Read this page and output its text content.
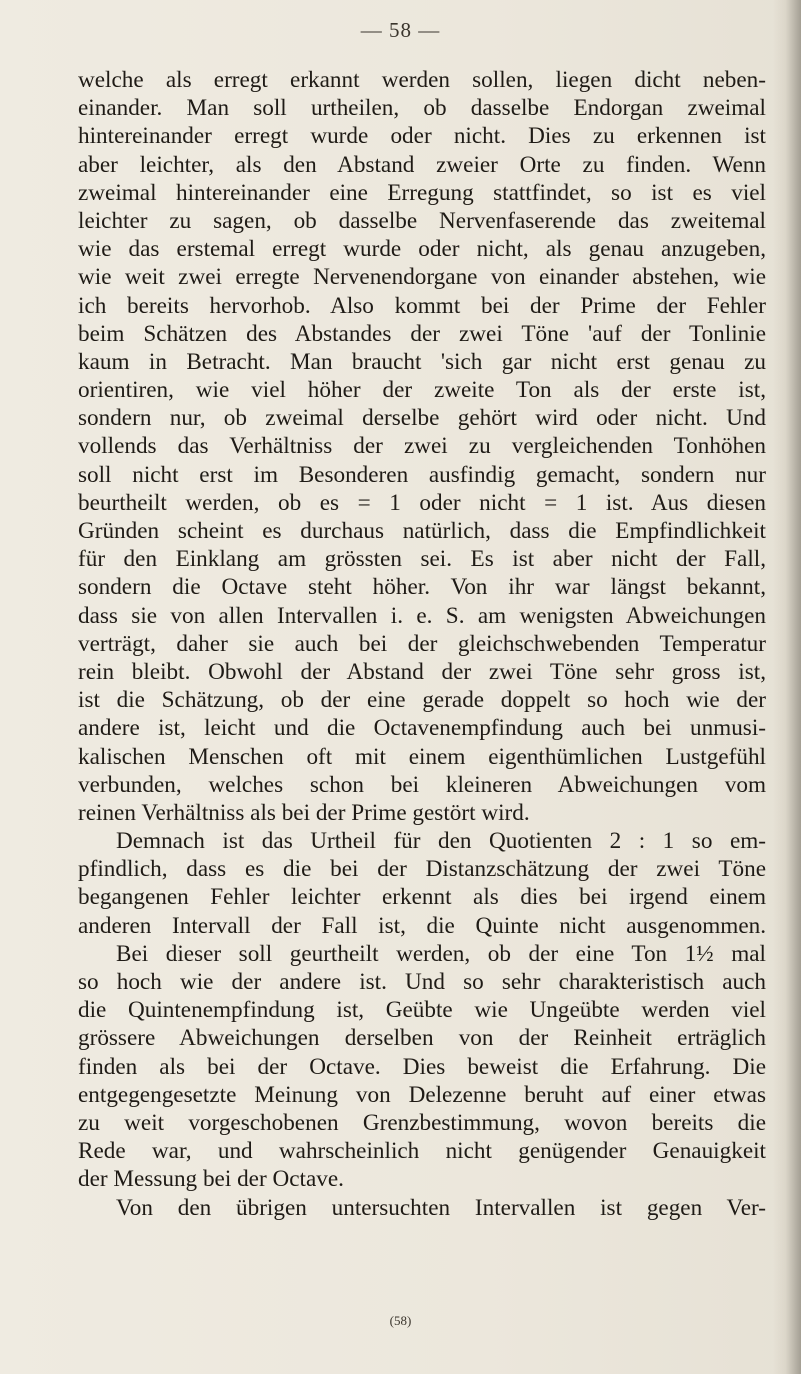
— 58 —
welche als erregt erkannt werden sollen, liegen dicht neben-
einander. Man soll urtheilen, ob dasselbe Endorgan zweimal
hintereinander erregt wurde oder nicht. Dies zu erkennen ist
aber leichter, als den Abstand zweier Orte zu finden. Wenn
zweimal hintereinander eine Erregung stattfindet, so ist es viel
leichter zu sagen, ob dasselbe Nervenfaserende das zweitemal
wie das erstemal erregt wurde oder nicht, als genau anzugeben,
wie weit zwei erregte Nervenendorgane von einander abstehen, wie
ich bereits hervorhob. Also kommt bei der Prime der Fehler
beim Schätzen des Abstandes der zwei Töne 'auf der Tonlinie
kaum in Betracht. Man braucht 'sich gar nicht erst genau zu
orientiren, wie viel höher der zweite Ton als der erste ist,
sondern nur, ob zweimal derselbe gehört wird oder nicht. Und
vollends das Verhältniss der zwei zu vergleichenden Tonhöhen
soll nicht erst im Besonderen ausfindig gemacht, sondern nur
beurtheilt werden, ob es = 1 oder nicht = 1 ist. Aus diesen
Gründen scheint es durchaus natürlich, dass die Empfindlichkeit
für den Einklang am grössten sei. Es ist aber nicht der Fall,
sondern die Octave steht höher. Von ihr war längst bekannt,
dass sie von allen Intervallen i. e. S. am wenigsten Abweichungen
verträgt, daher sie auch bei der gleichschwebenden Temperatur
rein bleibt. Obwohl der Abstand der zwei Töne sehr gross ist,
ist die Schätzung, ob der eine gerade doppelt so hoch wie der
andere ist, leicht und die Octavenempfindung auch bei unmusi-
kalischen Menschen oft mit einem eigenthümlichen Lustgefühl
verbunden, welches schon bei kleineren Abweichungen vom
reinen Verhältniss als bei der Prime gestört wird.
Demnach ist das Urtheil für den Quotienten 2 : 1 so em-
pfindlich, dass es die bei der Distanzschätzung der zwei Töne
begangenen Fehler leichter erkennt als dies bei irgend einem
anderen Intervall der Fall ist, die Quinte nicht ausgenommen.
Bei dieser soll geurtheilt werden, ob der eine Ton 1½ mal
so hoch wie der andere ist. Und so sehr charakteristisch auch
die Quintenempfindung ist, Geübte wie Ungeübte werden viel
grössere Abweichungen derselben von der Reinheit erträglich
finden als bei der Octave. Dies beweist die Erfahrung. Die
entgegengesetzte Meinung von Delezenne beruht auf einer etwas
zu weit vorgeschobenen Grenzbestimmung, wovon bereits die
Rede war, und wahrscheinlich nicht genügender Genauigkeit
der Messung bei der Octave.
Von den übrigen untersuchten Intervallen ist gegen Ver-
(58)
